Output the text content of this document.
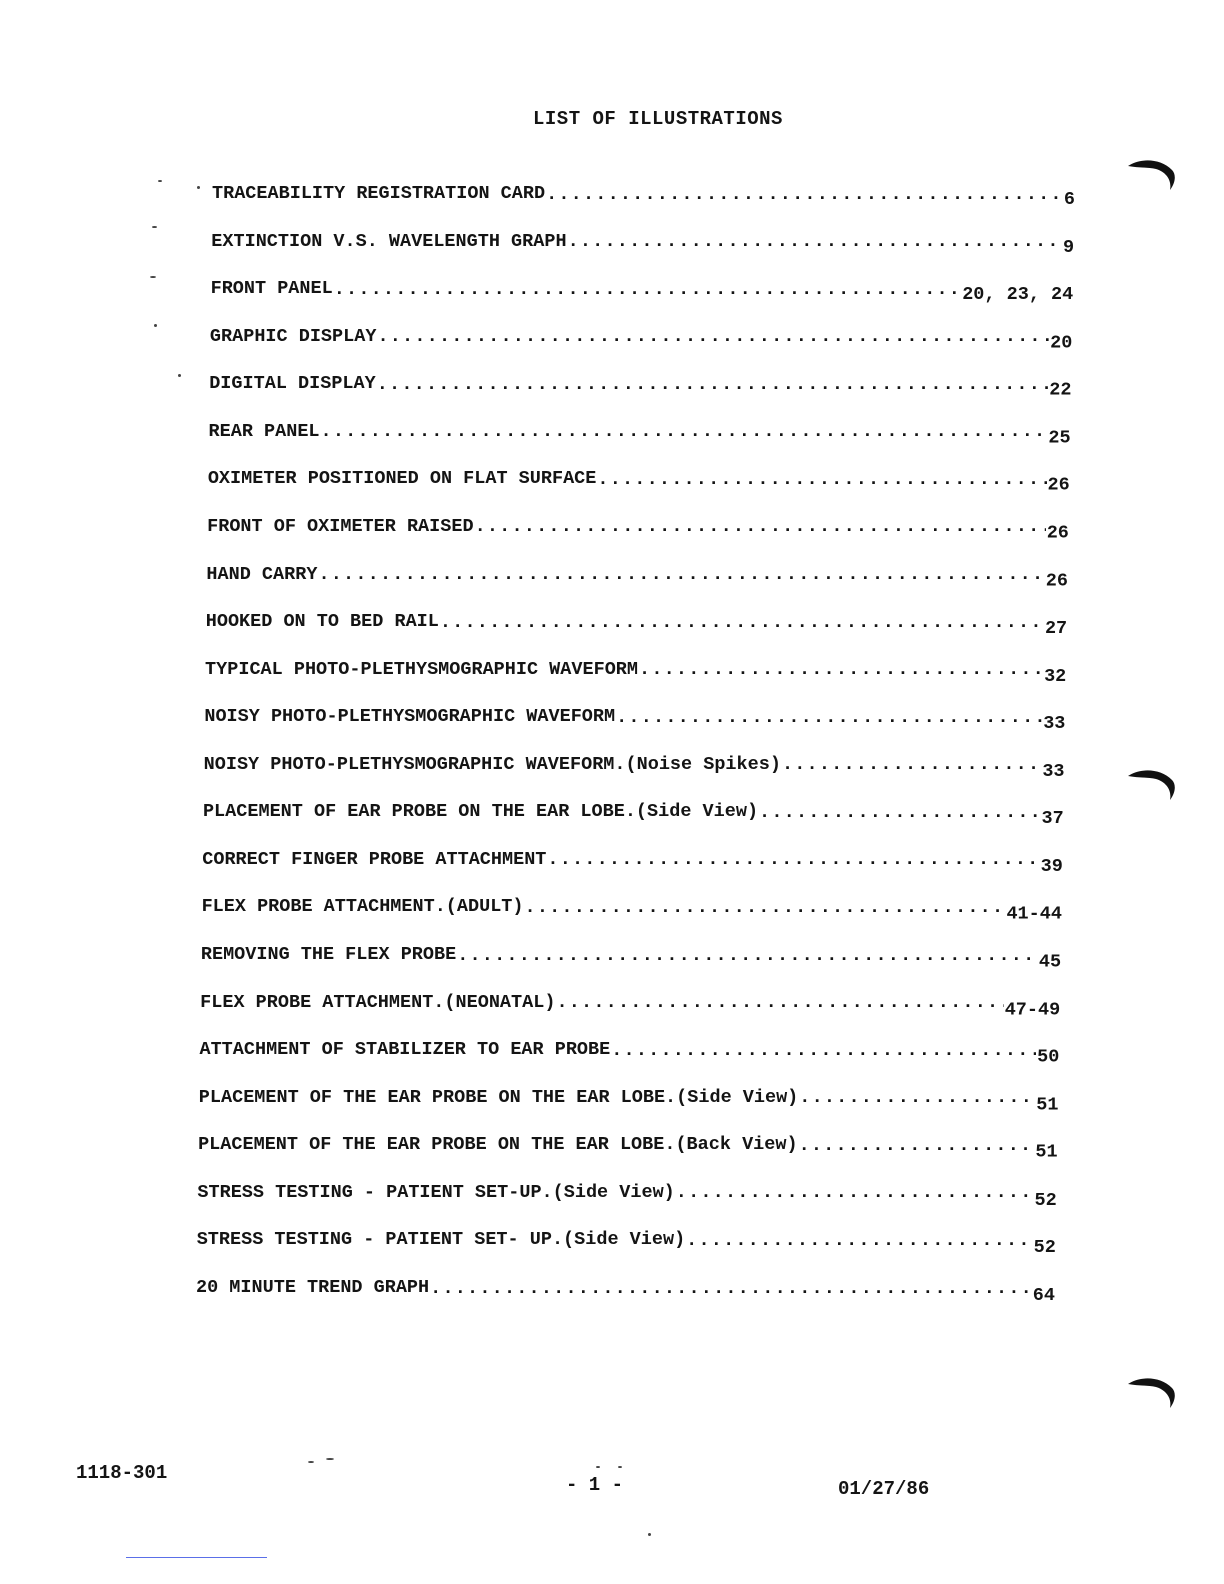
LIST OF ILLUSTRATIONS
TRACEABILITY REGISTRATION CARD .....	6
EXTINCTION V.S. WAVELENGTH GRAPH .....	9
FRONT PANEL .....	20, 23, 24
GRAPHIC DISPLAY .....	20
DIGITAL DISPLAY .....	22
REAR PANEL .....	25
OXIMETER POSITIONED ON FLAT SURFACE .....	26
FRONT OF OXIMETER RAISED .....	26
HAND CARRY .....	26
HOOKED ON TO BED RAIL .....	27
TYPICAL PHOTO-PLETHYSMOGRAPHIC WAVEFORM .....	32
NOISY PHOTO-PLETHYSMOGRAPHIC WAVEFORM .....	33
NOISY PHOTO-PLETHYSMOGRAPHIC WAVEFORM.(Noise Spikes) .....	33
PLACEMENT OF EAR PROBE ON THE EAR LOBE.(Side View) .....	37
CORRECT FINGER PROBE ATTACHMENT .....	39
FLEX PROBE ATTACHMENT.(ADULT) .....	41-44
REMOVING THE FLEX PROBE .....	45
FLEX PROBE ATTACHMENT.(NEONATAL) .....	47-49
ATTACHMENT OF STABILIZER TO EAR PROBE .....	50
PLACEMENT OF THE EAR PROBE ON THE EAR LOBE.(Side View) .....	51
PLACEMENT OF THE EAR PROBE ON THE EAR LOBE.(Back View) .....	51
STRESS TESTING - PATIENT SET-UP.(Side View) .....	52
STRESS TESTING - PATIENT SET- UP.(Side View) .....	52
20 MINUTE TREND GRAPH .....	64
1118-301
- 1 -	01/27/86
